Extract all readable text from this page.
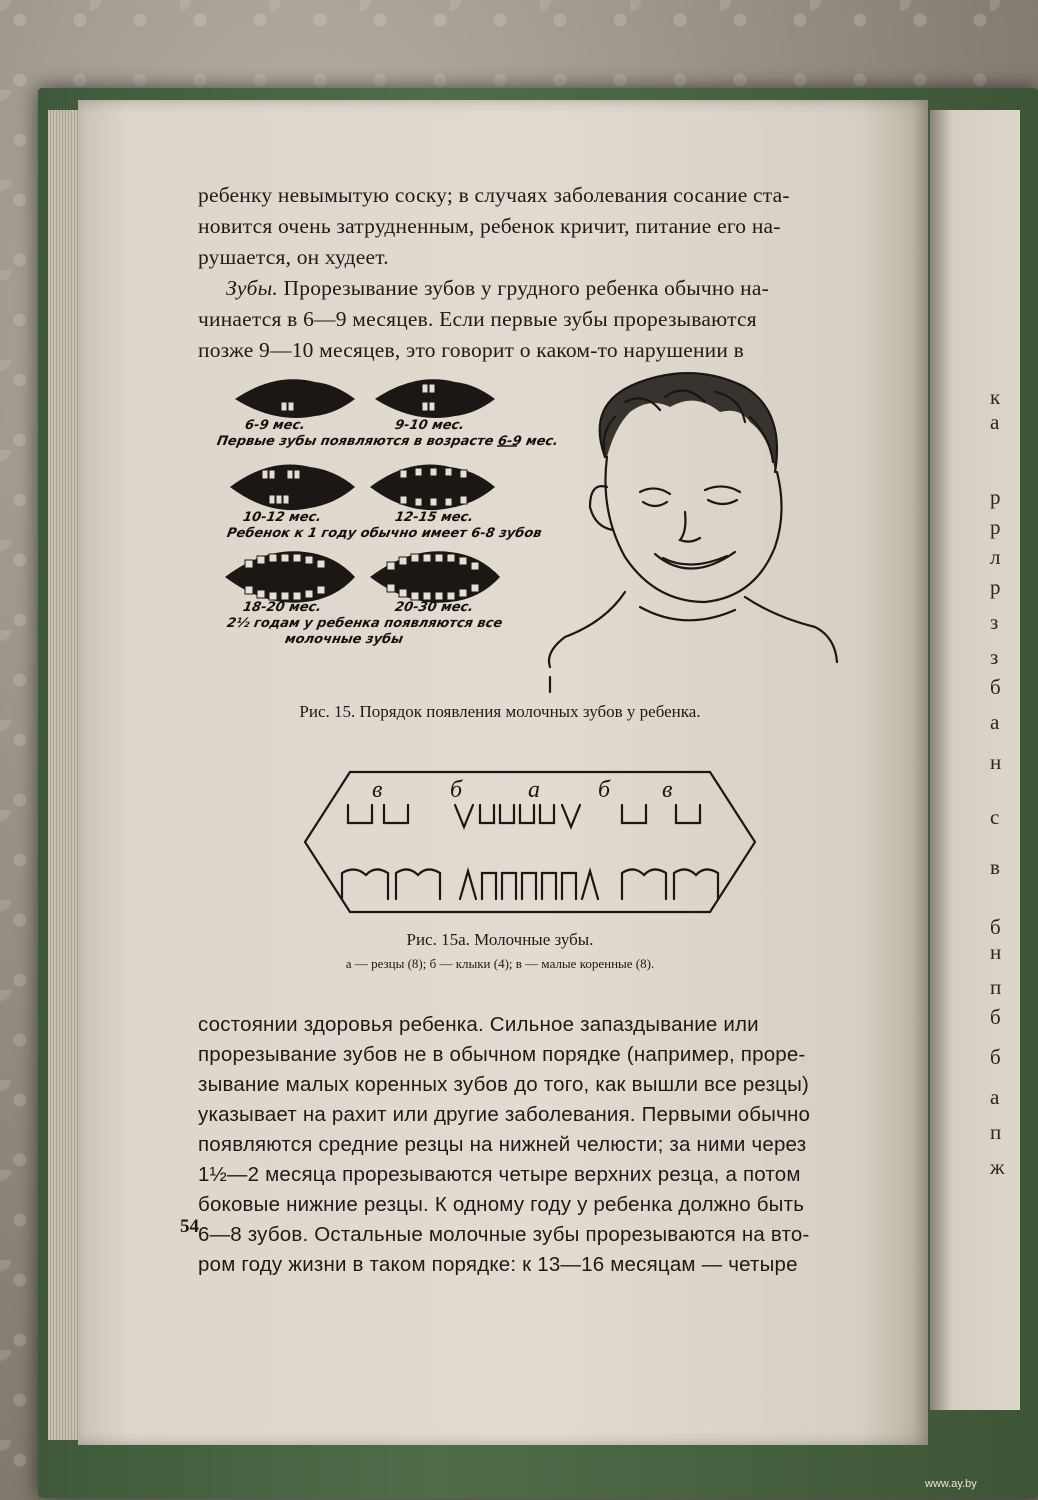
к
а
р
р
л
р
з
з
б
а
н
с
в
б
н
п
б
б
а
п
ж

ребенку невымытую соску; в случаях заболевания сосание ста-

новится очень затрудненным, ребенок кричит, питание его на-

рушается, он худеет.

Зубы. Прорезывание зубов у грудного ребенка обычно на-

чинается в 6—9 месяцев. Если первые зубы прорезываются

позже 9—10 месяцев, это говорит о каком-то нарушении в

6-9 мес.	9-10 мес.
Первые зубы появляются в возрасте 6-9 мес.
10-12 мес.	12-15 мес.
Ребенок к 1 году обычно имеет 6-8 зубов
18-20 мес.	20-30 мес.
2½ годам у ребенка появляются все
молочные зубы
Рис. 15. Порядок появления молочных зубов у ребенка.
в	б	а б в
Рис. 15а. Молочные зубы.
а — резцы (8); б — клыки (4); в — малые коренные (8).

состоянии здоровья ребенка. Сильное запаздывание или

прорезывание зубов не в обычном порядке (например, проре-

зывание малых коренных зубов до того, как вышли все резцы)

указывает на рахит или другие заболевания. Первыми обычно

появляются средние резцы на нижней челюсти; за ними через

1½—2 месяца прорезываются четыре верхних резца, а потом

боковые нижние резцы. К одному году у ребенка должно быть

6—8 зубов. Остальные молочные зубы прорезываются на вто-

ром году жизни в таком порядке: к 13—16 месяцам — четыре

54
www.ay.by
